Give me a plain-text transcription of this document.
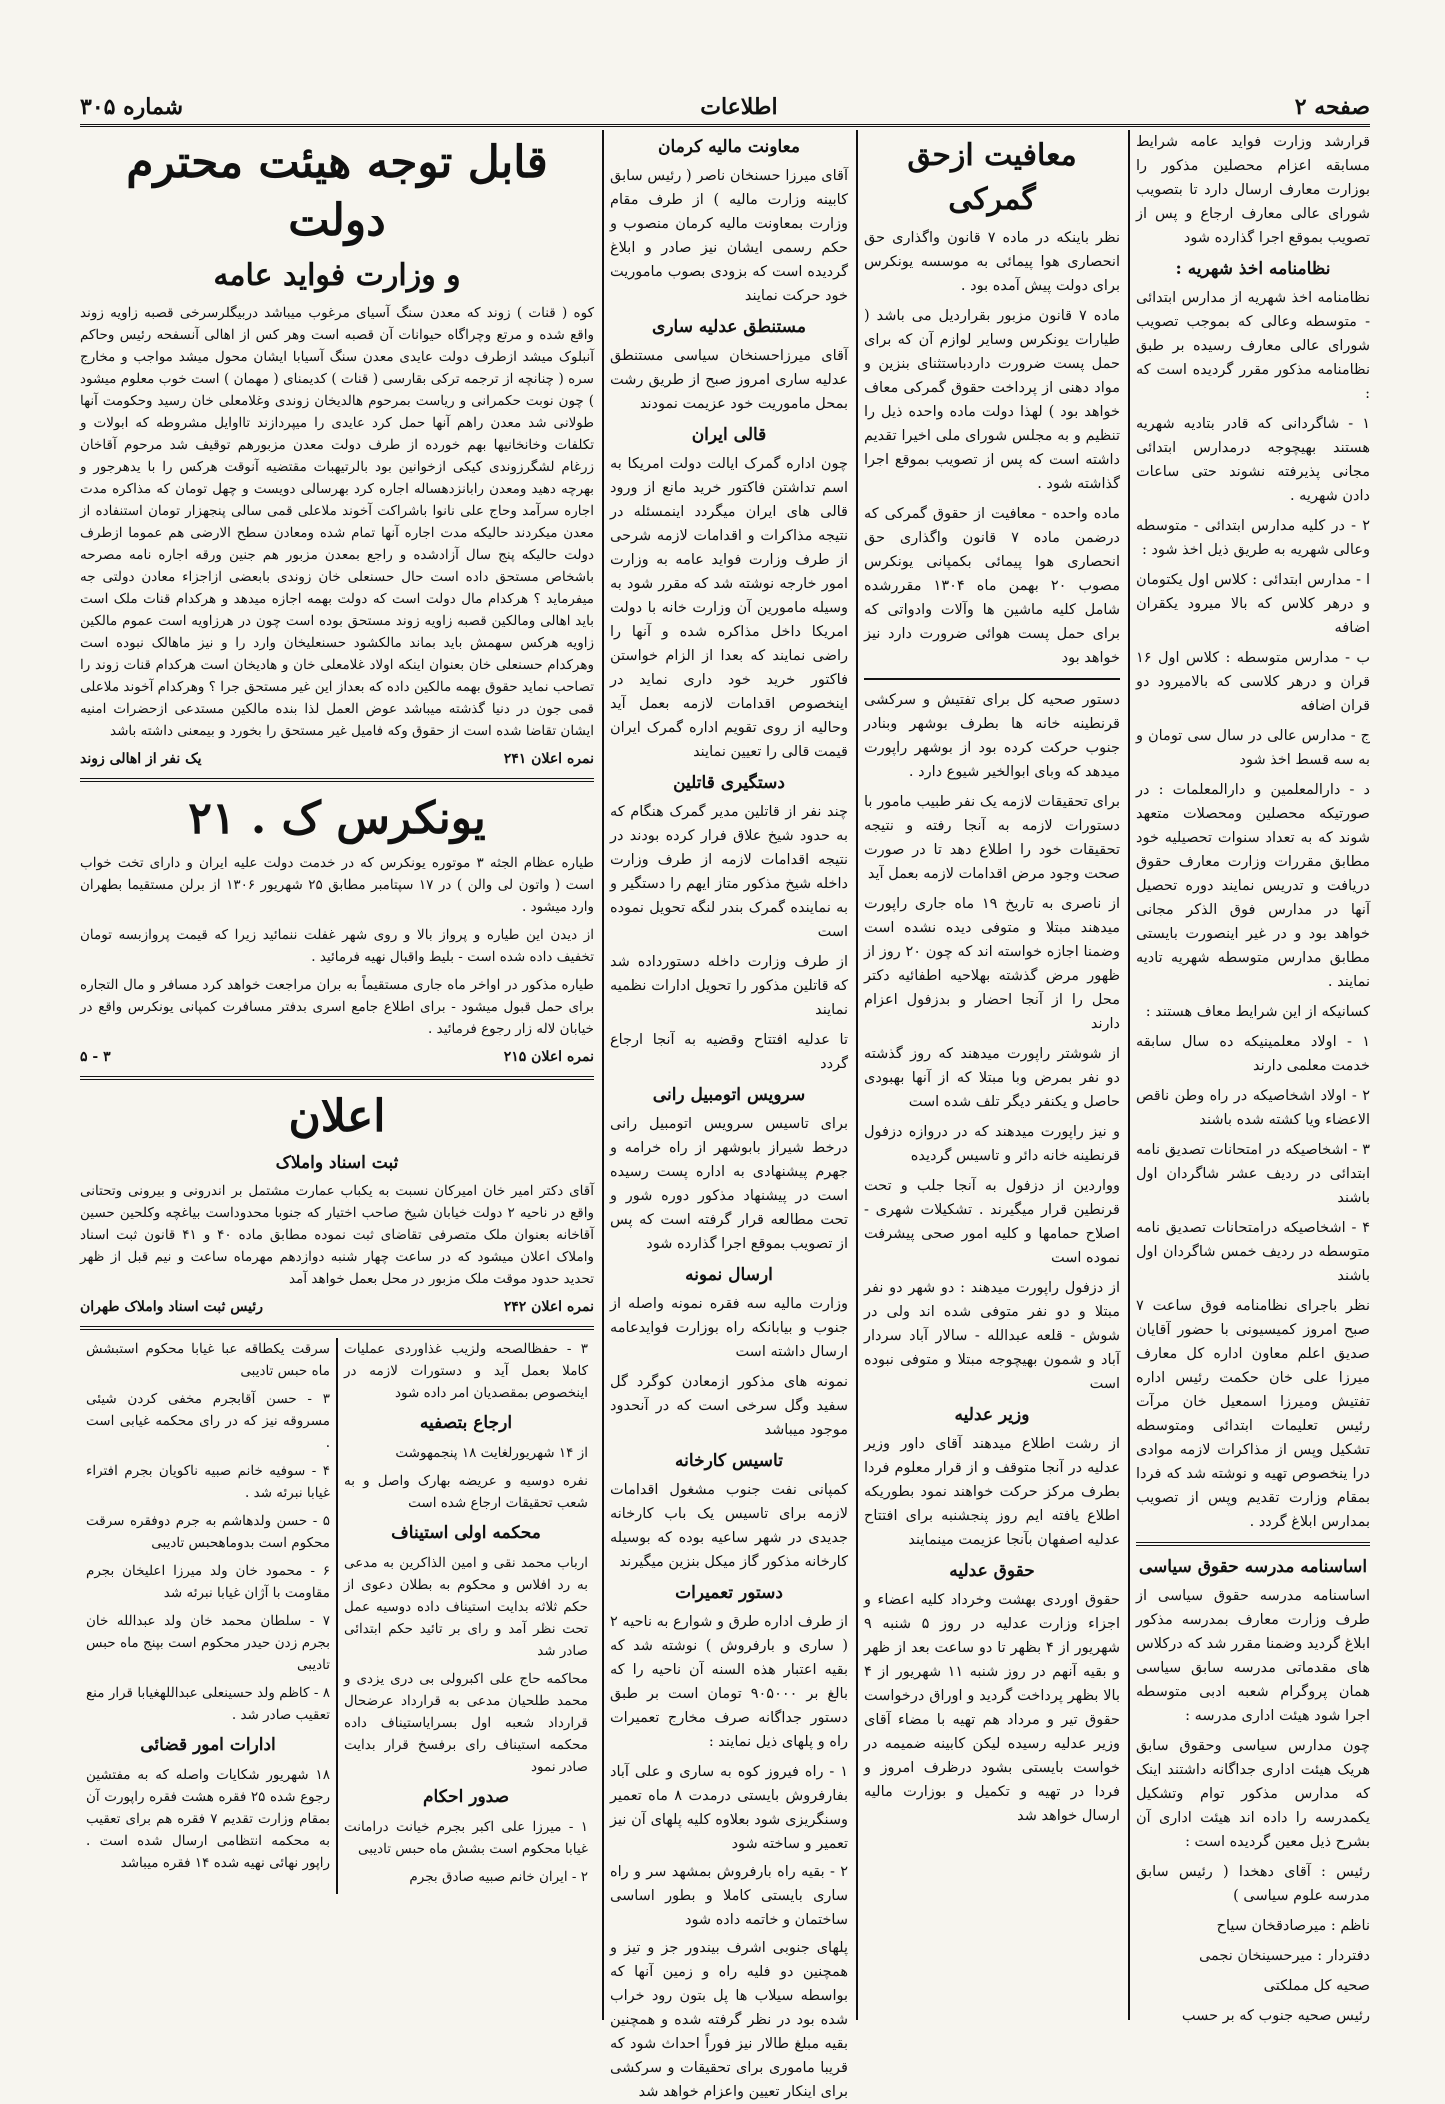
صفحه ۲
اطلاعات
شماره ۳۰۵

قرارشد وزارت فواید عامه شرایط مسابقه اعزام محصلین مذکور را بوزارت معارف ارسال دارد تا بتصویب شورای عالی معارف ارجاع و پس از تصویب بموقع اجرا گذارده شود

نظامنامه اخذ شهریه :

نظامنامه اخذ شهریه از مدارس ابتدائی - متوسطه وعالی که بموجب تصویب شورای عالی معارف رسیده بر طبق نظامنامه مذکور مقرر گردیده است که :

۱ - شاگردانی که قادر بتادیه شهریه هستند بهیچوجه درمدارس ابتدائی مجانی پذیرفته نشوند حتی ساعات دادن شهریه .

۲ - در کلیه مدارس ابتدائی - متوسطه وعالی شهریه به طریق ذیل اخذ شود :

ا - مدارس ابتدائی : کلاس اول یکتومان و درهر کلاس که بالا میرود یکقران اضافه

ب - مدارس متوسطه : کلاس اول ۱۶ قران و درهر کلاسی که بالامیرود دو قران اضافه

ج - مدارس عالی در سال سی تومان و به سه قسط اخذ شود

د - دارالمعلمین و دارالمعلمات : در صورتیکه محصلین ومحصلات متعهد شوند که به تعداد سنوات تحصیلیه خود مطابق مقررات وزارت معارف حقوق دریافت و تدریس نمایند دوره تحصیل آنها در مدارس فوق الذکر مجانی خواهد بود و در غیر اینصورت بایستی مطابق مدارس متوسطه شهریه تادیه نمایند .

کسانیکه از این شرایط معاف هستند :

۱ - اولاد معلمینیکه ده سال سابقه خدمت معلمی دارند

۲ - اولاد اشخاصیکه در راه وطن ناقص الاعضاء ویا کشته شده باشند

۳ - اشخاصیکه در امتحانات تصدیق نامه ابتدائی در ردیف عشر شاگردان اول باشند

۴ - اشخاصیکه درامتحانات تصدیق نامه متوسطه در ردیف خمس شاگردان اول باشند

نظر باجرای نظامنامه فوق ساعت ۷ صبح امروز کمیسیونی با حضور آقایان صدیق اعلم معاون اداره کل معارف میرزا علی خان حکمت رئیس اداره تفتیش ومیرزا اسمعیل خان مرآت رئیس تعلیمات ابتدائی ومتوسطه تشکیل وپس از مذاکرات لازمه موادی درا ینخصوص تهیه و نوشته شد که فردا بمقام وزارت تقدیم وپس از تصویب بمدارس ابلاغ گردد .

اساسنامه مدرسه حقوق سیاسی

اساسنامه مدرسه حقوق سیاسی از طرف وزارت معارف بمدرسه مذکور ابلاغ گردید وضمنا مقرر شد که درکلاس های مقدماتی مدرسه سابق سیاسی همان پروگرام شعبه ادبی متوسطه اجرا شود هیئت اداری مدرسه :

چون مدارس سیاسی وحقوق سابق هریک هیئت اداری جداگانه داشتند اینک که مدارس مذکور توام وتشکیل یکمدرسه را داده اند هیئت اداری آن بشرح ذیل معین گردیده است :

رئیس : آقای دهخدا ( رئیس سابق مدرسه علوم سیاسی )

ناظم : میرصادقخان سیاح

دفتردار : میرحسینخان نجمی

صحیه کل مملکتی

رئیس صحیه جنوب که بر حسب

معافیت ازحق گمرکی

نظر باینکه در ماده ۷ قانون واگذاری حق انحصاری هوا پیمائی به موسسه یونکرس برای دولت پیش آمده بود .

ماده ۷ قانون مزبور بقراردیل می باشد ( طیارات یونکرس وسایر لوازم آن که برای حمل پست ضرورت داردباستثنای بنزین و مواد دهنی از پرداخت حقوق گمرکی معاف خواهد بود ) لهذا دولت ماده واحده ذیل را تنظیم و به مجلس شورای ملی اخیرا تقدیم داشته است که پس از تصویب بموقع اجرا گذاشته شود .

ماده واحده - معافیت از حقوق گمرکی که درضمن ماده ۷ قانون واگذاری حق انحصاری هوا پیمائی بکمپانی یونکرس مصوب ۲۰ بهمن ماه ۱۳۰۴ مقررشده شامل کلیه ماشین ها وآلات وادواتی که برای حمل پست هوائی ضرورت دارد نیز خواهد بود

دستور صحیه کل برای تفتیش و سرکشی قرنطینه خانه ها بطرف بوشهر وبنادر جنوب حرکت کرده بود از بوشهر راپورت میدهد که وبای ابوالخیر شیوع دارد .

برای تحقیقات لازمه یک نفر طبیب مامور با دستورات لازمه به آنجا رفته و نتیجه تحقیقات خود را اطلاع دهد تا در صورت صحت وجود مرض اقدامات لازمه بعمل آید

از ناصری به تاریخ ۱۹ ماه جاری راپورت میدهند مبتلا و متوفی دیده نشده است وضمنا اجازه خواسته اند که چون ۲۰ روز از ظهور مرض گذشته بهلاحیه اطفائیه دکتر محل را از آنجا احضار و بدزفول اعزام دارند

از شوشتر راپورت میدهند که روز گذشته دو نفر بمرض وبا مبتلا که از آنها بهبودی حاصل و یکنفر دیگر تلف شده است

و نیز راپورت میدهند که در دروازه دزفول قرنطینه خانه دائر و تاسیس گردیده

وواردین از دزفول به آنجا جلب و تحت قرنطین قرار میگیرند . تشکیلات شهری - اصلاح حمامها و کلیه امور صحی پیشرفت نموده است

از دزفول راپورت میدهند : دو شهر دو نفر مبتلا و دو نفر متوفی شده اند ولی در شوش - قلعه عبدالله - سالار آباد سردار آباد و شمون بهیچوجه مبتلا و متوفی نبوده است

وزیر عدلیه

از رشت اطلاع میدهند آقای داور وزیر عدلیه در آنجا متوقف و از قرار معلوم فردا بطرف مرکز حرکت خواهند نمود بطوریکه اطلاع یافته ایم روز پنجشنبه برای افتتاح عدلیه اصفهان بآنجا عزیمت مینمایند

حقوق عدلیه

حقوق اوردی بهشت وخرداد کلیه اعضاء و اجزاء وزارت عدلیه در روز ۵ شنبه ۹ شهریور از ۴ بظهر تا دو ساعت بعد از ظهر و بقیه آنهم در روز شنبه ۱۱ شهریور از ۴ بالا بظهر پرداخت گردید و اوراق درخواست حقوق تیر و مرداد هم تهیه با مضاء آقای وزیر عدلیه رسیده لیکن کابینه ضمیمه در خواست بایستی بشود درظرف امروز و فردا در تهیه و تکمیل و بوزارت مالیه ارسال خواهد شد

معاونت مالیه کرمان

آقای میرزا حسنخان ناصر ( رئیس سابق کابینه وزارت مالیه ) از طرف مقام وزارت بمعاونت مالیه کرمان منصوب و حکم رسمی ایشان نیز صادر و ابلاغ گردیده است که بزودی بصوب ماموریت خود حرکت نمایند

مستنطق عدلیه ساری

آقای میرزاحسنخان سیاسی مستنطق عدلیه ساری امروز صبح از طریق رشت بمحل ماموریت خود عزیمت نمودند

قالی ایران

چون اداره گمرک ایالت دولت امریکا به اسم تداشتن فاکتور خرید مانع از ورود قالی های ایران میگردد اینمسئله در نتیجه مذاکرات و اقدامات لازمه شرحی از طرف وزارت فواید عامه به وزارت امور خارجه نوشته شد که مقرر شود به وسیله مامورین آن وزارت خانه با دولت امریکا داخل مذاکره شده و آنها را راضی نمایند که بعدا از الزام خواستن فاکتور خرید خود داری نماید در اینخصوص اقدامات لازمه بعمل آید وحالیه از روی تقویم اداره گمرک ایران قیمت قالی را تعیین نمایند

دستگیری قاتلین

چند نفر از قاتلین مدیر گمرک هنگام که به حدود شیخ علاق فرار کرده بودند در نتیجه اقدامات لازمه از طرف وزارت داخله شیخ مذکور متاز ایهم را دستگیر و به نماینده گمرک بندر لنگه تحویل نموده است

از طرف وزارت داخله دستورداده شد که قاتلین مذکور را تحویل ادارات نظمیه نمایند

تا عدلیه افتتاح وقضیه به آنجا ارجاع گردد

سرویس اتومبیل رانی

برای تاسیس سرویس اتومبیل رانی درخط شیراز بابوشهر از راه خرامه و جهرم پیشنهادی به اداره پست رسیده است در پیشنهاد مذکور دوره شور و تحت مطالعه قرار گرفته است که پس از تصویب بموقع اجرا گذارده شود

ارسال نمونه

وزارت مالیه سه فقره نمونه واصله از جنوب و بیابانکه راه بوزارت فوایدعامه ارسال داشته است

نمونه های مذکور ازمعادن کوگرد گل سفید وگل سرخی است که در آنحدود موجود میباشد

تاسیس کارخانه

کمپانی نفت جنوب مشغول اقدامات لازمه برای تاسیس یک باب کارخانه جدیدی در شهر ساعیه بوده که بوسیله کارخانه مذکور گاز میکل بنزین میگیرند

دستور تعمیرات

از طرف اداره طرق و شوارع به ناحیه ۲ ( ساری و بارفروش ) نوشته شد که بقیه اعتبار هذه السنه آن ناحیه را که بالغ بر ۹۰۵۰۰۰ تومان است بر طبق دستور جداگانه صرف مخارج تعمیرات راه و پلهای ذیل نمایند :

۱ - راه فیروز کوه به ساری و علی آباد بفارفروش بایستی درمدت ۸ ماه تعمیر وسنگریزی شود بعلاوه کلیه پلهای آن نیز تعمیر و ساخته شود

۲ - بقیه راه بارفروش بمشهد سر و راه ساری بایستی کاملا و بطور اساسی ساختمان و خاتمه داده شود

پلهای جنوبی اشرف بیندور جز و تیز و همچنین دو فلیه راه و زمین آنها که بواسطه سیلاب ها پل بتون رود خراب شده بود در نظر گرفته شده و همچنین بقیه مبلغ طالار نیز فوراً احداث شود که قریبا ماموری برای تحقیقات و سرکشی برای اینکار تعیین واعزام خواهد شد

قابل توجه هیئت محترم دولت
و وزارت فواید عامه

کوه ( قنات ) زوند که معدن سنگ آسیای مرغوب میباشد دربیگلرسرخی قصبه زاویه زوند واقع شده و مرتع وچراگاه حیوانات آن قصبه است وهر کس از اهالی آنسفحه رئیس وحاکم آنبلوک میشد ازطرف دولت عایدی معدن سنگ آسیابا ایشان محول میشد مواجب و مخارج سره ( چنانچه از ترجمه ترکی بقارسی ( قنات ) کدیمنای ( مهمان ) است خوب معلوم میشود ) چون نوبت حکمرانی و ریاست بمرحوم هالدیخان زوندی وغلامعلی خان رسید وحکومت آنها طولانی شد معدن راهم آنها حمل کرد عایدی را میپردازند تااوایل مشروطه که ابولات و تکلفات وخانخانیها بهم خورده از طرف دولت معدن مزبورهم توقیف شد مرحوم آقاخان زرغام لشگرزوندی کیکی ازخوانین بود بالرتیهبات مقتضیه آنوقت هرکس را با یدهرجور و بهرچه دهید ومعدن رابانزدهساله اجاره کرد بهرسالی دویست و چهل تومان که مذاکره مدت اجاره سرآمد وحاج علی نانوا باشراکت آخوند ملاعلی قمی سالی پنجهزار تومان استنفاده از معدن میکردند حالیکه مدت اجاره آنها تمام شده ومعادن سطح الارضی هم عموما ازطرف دولت حالیکه پنج سال آزادشده و راجع بمعدن مزبور هم جنین ورقه اجاره نامه مصرحه باشخاص مستحق داده است حال حسنعلی خان زوندی بابعضی ازاجزاء معادن دولتی جه میفرماید ؟ هرکدام مال دولت است که دولت بهمه اجازه میدهد و هرکدام قنات ملک است باید اهالی ومالکین قصبه زاویه زوند مستحق بوده است چون در هرزاویه است عموم مالکین زاویه هرکس سهمش باید بماند مالکشود حسنعلیخان وارد را و نیز ماهالک نبوده است وهرکدام حسنعلی خان بعنوان اینکه اولاد غلامعلی خان و هادیخان است هرکدام قنات زوند را تصاحب نماید حقوق بهمه مالکین داده که بعداز این غیر مستحق جرا ؟ وهرکدام آخوند ملاعلی قمی جون در دنیا گذشته میباشد عوض العمل لذا بنده مالکین مستدعی ازحضرات امنیه ایشان تقاضا شده است از حقوق وکه فامیل غیر مستحق را بخورد و بیمعنی داشته باشد

نمره اعلان ۲۴۱
یک نفر از اهالی زوند
یونکرس ک . ۲۱

طیاره عظام الجثه ۳ موتوره یونکرس که در خدمت دولت علیه ایران و دارای تخت خواب است ( واتون لی والن ) در ۱۷ سپتامبر مطابق ۲۵ شهریور ۱۳۰۶ از برلن مستقیما بطهران وارد میشود .

از دیدن این طیاره و پرواز بالا و روی شهر غفلت ننمائید زیرا که قیمت پروازبسه تومان تخفیف داده شده است - بلیط واقبال نهیه فرمائید .

طیاره مذکور در اواخر ماه جاری مستقیماً به بران مراجعت خواهد کرد مسافر و مال التجاره برای حمل قبول میشود - برای اطلاع جامع اسری بدفتر مسافرت کمپانی یونکرس واقع در خیابان لاله زار رجوع فرمائید .

نمره اعلان ۲۱۵
۳ - ۵
اعلان
ثبت اسناد واملاک

آقای دکتر امیر خان امیرکان نسبت به یکباب عمارت مشتمل بر اندرونی و بیرونی وتحتانی واقع در ناحیه ۲ دولت خیابان شیخ صاحب اختیار که جنوبا محدوداست بیاغچه وکلحین حسین آقاخانه بعنوان ملک متصرفی تقاضای ثبت نموده مطابق ماده ۴۰ و ۴۱ قانون ثبت اسناد واملاک اعلان میشود که در ساعت چهار شنبه دوازدهم مهرماه ساعت و نیم قبل از ظهر تحدید حدود موقت ملک مزبور در محل بعمل خواهد آمد

نمره اعلان ۲۴۲
رئیس ثبت اسناد واملاک طهران

۳ - حفظالصحه ولزیب غذاوردی عملیات کاملا بعمل آید و دستورات لازمه در اینخصوص بمقصدیان امر داده شود

ارجاع بتصفیه

از ۱۴ شهریورلغایت ۱۸ پنجمهوشت

نفره دوسیه و عریضه بهارک واصل و به شعب تحقیقات ارجاع شده است

محکمه اولی استیناف

ارباب محمد نقی و امین الذاکرین به مدعی به رد افلاس و محکوم به بطلان دعوی از حکم ثلاثه بدایت استیناف داده دوسیه عمل تحت نظر آمد و رای بر تائید حکم ابتدائی صادر شد

محاکمه حاج علی اکبرولی بی دری یزدی و محمد طلحیان مدعی به قرارداد عرضحال قرارداد شعبه اول بسرایاستیناف داده محکمه استیناف رای برفسخ قرار بدایت صادر نمود

صدور احکام

۱ - میرزا علی اکبر بجرم خیانت درامانت غیابا محکوم است بشش ماه حبس تادیبی

۲ - ایران خانم صبیه صادق بجرم

سرقت یکطاقه عبا غیابا محکوم استبشش ماه حبس تادیبی

۳ - حسن آقابجرم مخفی کردن شیئی مسروقه نیز که در رای محکمه غیابی است .

۴ - سوفیه خانم صبیه ناکویان بجرم افتراء غیابا نبرئه شد .

۵ - حسن ولدهاشم به جرم دوفقره سرقت محکوم است بدوماهحبس تادیبی

۶ - محمود خان ولد میرزا اعلیخان بجرم مقاومت با آژان غیابا نبرئه شد

۷ - سلطان محمد خان ولد عبدالله خان بجرم زدن حیدر محکوم است بپنج ماه حبس تادیبی

۸ - کاظم ولد حسینعلی عبداللهغیابا قرار منع تعقیب صادر شد .

ادارات امور قضائی

۱۸ شهریور شکایات واصله که به مفتشین رجوع شده ۲۵ فقره هشت فقره راپورت آن بمقام وزارت تقدیم ۷ فقره هم برای تعقیب به محکمه انتظامی ارسال شده است . راپور نهائی نهیه شده ۱۴ فقره میباشد
